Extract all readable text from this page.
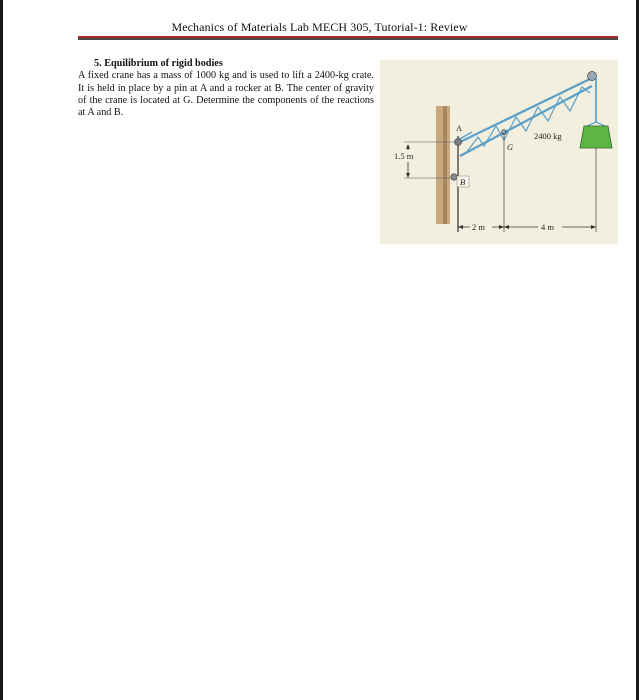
Mechanics of Materials Lab MECH 305, Tutorial-1: Review
5. Equilibrium of rigid bodies
A fixed crane has a mass of 1000 kg and is used to lift a 2400-kg crate. It is held in place by a pin at A and a rocker at B. The center of gravity of the crane is located at G. Determine the components of the reactions at A and B.
1.5 m
A
B
G
2400 kg
2 m	4 m
